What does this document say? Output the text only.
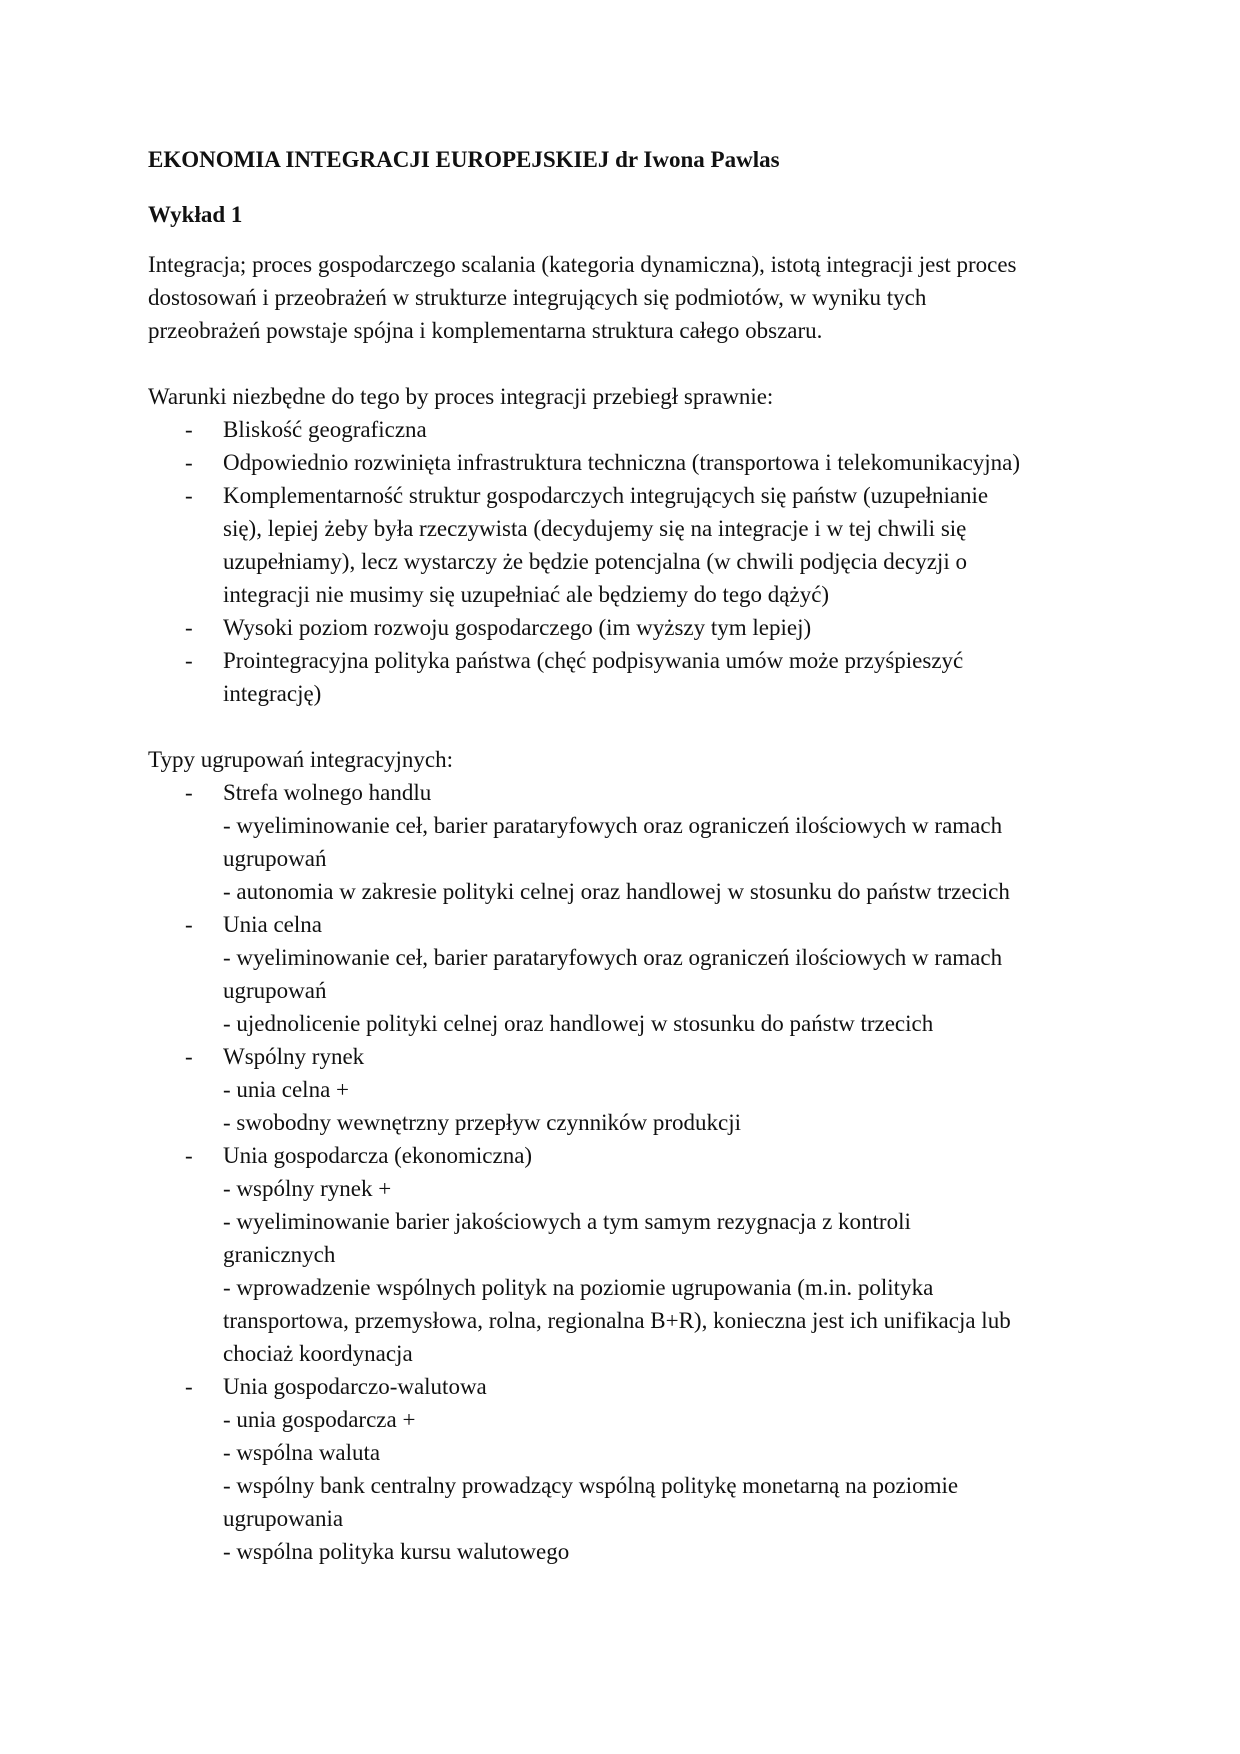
EKONOMIA INTEGRACJI EUROPEJSKIEJ dr Iwona Pawlas
Wykład 1

Integracja; proces gospodarczego scalania (kategoria dynamiczna), istotą integracji jest proces
dostosowań i przeobrażeń w strukturze integrujących się podmiotów, w wyniku tych
przeobrażeń powstaje spójna i komplementarna struktura całego obszaru.

Warunki niezbędne do tego by proces integracji przebiegł sprawnie:
- Bliskość geograficzna
- Odpowiednio rozwinięta infrastruktura techniczna (transportowa i telekomunikacyjna)
- Komplementarność struktur gospodarczych integrujących się państw (uzupełnianie
się), lepiej żeby była rzeczywista (decydujemy się na integracje i w tej chwili się
uzupełniamy), lecz wystarczy że będzie potencjalna (w chwili podjęcia decyzji o
integracji nie musimy się uzupełniać ale będziemy do tego dążyć)
- Wysoki poziom rozwoju gospodarczego (im wyższy tym lepiej)
- Prointegracyjna polityka państwa (chęć podpisywania umów może przyśpieszyć
integrację)
Typy ugrupowań integracyjnych:
- Strefa wolnego handlu
- wyeliminowanie ceł, barier parataryfowych oraz ograniczeń ilościowych w ramach
ugrupowań
- autonomia w zakresie polityki celnej oraz handlowej w stosunku do państw trzecich
- Unia celna
- wyeliminowanie ceł, barier parataryfowych oraz ograniczeń ilościowych w ramach
ugrupowań
- ujednolicenie polityki celnej oraz handlowej w stosunku do państw trzecich
- Wspólny rynek
- unia celna +
- swobodny wewnętrzny przepływ czynników produkcji
- Unia gospodarcza (ekonomiczna)
- wspólny rynek +
- wyeliminowanie barier jakościowych a tym samym rezygnacja z kontroli
granicznych
- wprowadzenie wspólnych polityk na poziomie ugrupowania (m.in. polityka
transportowa, przemysłowa, rolna, regionalna B+R), konieczna jest ich unifikacja lub
chociaż koordynacja
- Unia gospodarczo-walutowa
- unia gospodarcza +
- wspólna waluta
- wspólny bank centralny prowadzący wspólną politykę monetarną na poziomie
ugrupowania
- wspólna polityka kursu walutowego
